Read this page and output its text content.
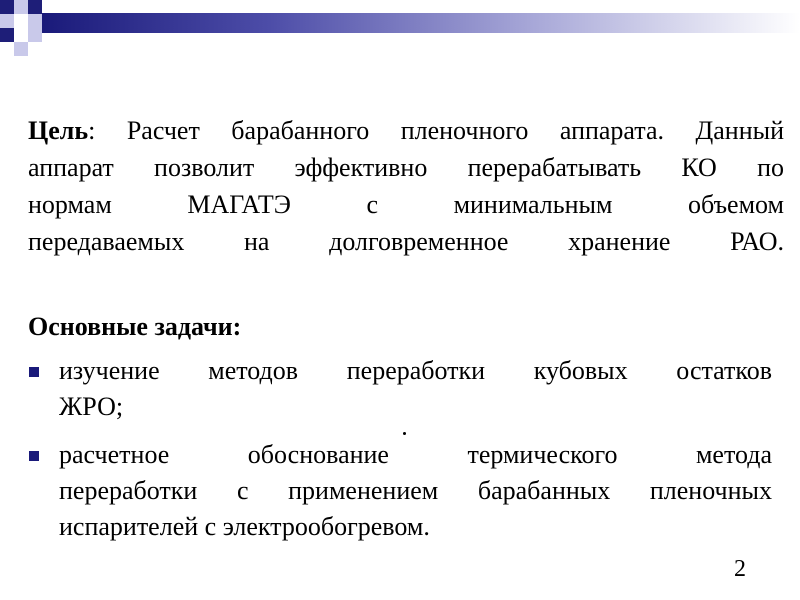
Цель: Расчет барабанного пленочного аппарата. Данный
аппарат позволит эффективно перерабатывать КО по
нормам МАГАТЭ с минимальным объемом
передаваемых на долговременное хранение РАО.
Основные задачи:
изучение методов переработки кубовых остатков
ЖРО;
расчетное обоснование термического метода
переработки с применением барабанных пленочных
испарителей с электрообогревом.
2
